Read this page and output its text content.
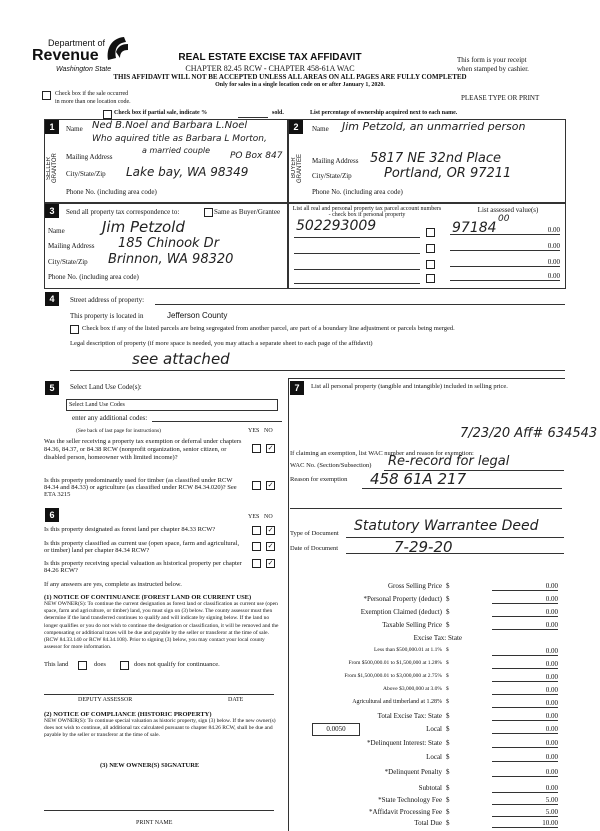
Department of
Revenue
Washington State
REAL ESTATE EXCISE TAX AFFIDAVIT
CHAPTER 82.45 RCW - CHAPTER 458-61A WAC
THIS AFFIDAVIT WILL NOT BE ACCEPTED UNLESS ALL AREAS ON ALL PAGES ARE FULLY COMPLETED
Only for sales in a single location code on or after January 1, 2020.
This form is your receipt
when stamped by cashier.
PLEASE TYPE OR PRINT
Check box if the sale occurred
in more than one location code.
Check box if partial sale, indicate %	sold.	List percentage of ownership acquired next to each name.
1
SELLER GRANTOR
Name Ned B.Noel and Barbara L.Noel
Who aquired title as Barbara L Morton,
a married couple
Mailing Address	PO Box 847
City/State/Zip Lake bay, WA 98349
Phone No. (including area code)
2
BUYER GRANTEE
Name Jim Petzold, an unmarried person
Mailing Address 5817 NE 32nd Place
City/State/Zip Portland, OR 97211
Phone No. (including area code)
3	Send all property tax correspondence to:	Same as Buyer/Grantee
Name Jim Petzold
Mailing Address 185 Chinook Dr
City/State/Zip Brinnon, WA 98320
Phone No. (including area code)
List all real and personal property tax parcel account numbers - check box if personal property
List assessed value(s)
502293009	97184
00
0.00
0.00
0.00
0.00
4	Street address of property:
This property is located in	Jefferson County
Check box if any of the listed parcels are being segregated from another parcel, are part of a boundary line adjustment or parcels being merged.
Legal description of property (if more space is needed, you may attach a separate sheet to each page of the affidavit)
see attached
5	Select Land Use Code(s):
Select Land Use Codes
enter any additional codes:
(See back of last page for instructions)	YES NO
Was the seller receiving a property tax exemption or deferral under chapters 84.36, 84.37, or 84.38 RCW (nonprofit organization, senior citizen, or disabled person, homeowner with limited income)?
✓
Is this property predominantly used for timber (as classified under RCW 84.34 and 84.33) or agriculture (as classified under RCW 84.34.020)? See ETA 3215
✓
6	YES NO
Is this property designated as forest land per chapter 84.33 RCW?	✓
Is this property classified as current use (open space, farm and agricultural, or timber) land per chapter 84.34 RCW?
✓
Is this property receiving special valuation as historical property per chapter 84.26 RCW?
✓
If any answers are yes, complete as instructed below.
(1) NOTICE OF CONTINUANCE (FOREST LAND OR CURRENT USE)
NEW OWNER(S): To continue the current designation as forest land or classification as current use (open space, farm and agriculture, or timber) land, you must sign on (3) below. The county assessor must then determine if the land transferred continues to qualify and will indicate by signing below. If the land no longer qualifies or you do not wish to continue the designation or classification, it will be removed and the compensating or additional taxes will be due and payable by the seller or transferor at the time of sale. (RCW 84.33.140 or RCW 84.34.108). Prior to signing (3) below, you may contact your local county assessor for more information.
This land	does	does not qualify for continuance.
DEPUTY ASSESSOR	DATE
(2) NOTICE OF COMPLIANCE (HISTORIC PROPERTY)
NEW OWNER(S): To continue special valuation as historic property, sign (3) below. If the new owner(s) does not wish to continue, all additional tax calculated pursuant to chapter 84.26 RCW, shall be due and payable by the seller or transferor at the time of sale.
(3) NEW OWNER(S) SIGNATURE
PRINT NAME
7	List all personal property (tangible and intangible) included in selling price.
7/23/20 Aff# 634543
If claiming an exemption, list WAC number and reason for exemption:
WAC No. (Section/Subsection) Re-record for legal
Reason for exemption 458 61A 217
Type of Document Statutory Warrantee Deed
Date of Document	7-29-20
Gross Selling Price $	0.00
*Personal Property (deduct) $	0.00
Exemption Claimed (deduct) $	0.00
Taxable Selling Price $	0.00
Excise Tax: State
Less than $500,000.01 at 1.1% $	0.00
From $500,000.01 to $1,500,000 at 1.28% $	0.00
From $1,500,000.01 to $3,000,000 at 2.75% $	0.00
Above $3,000,000 at 3.0% $	0.00
Agricultural and timberland at 1.28% $	0.00
Total Excise Tax: State $	0.00
0.0050	Local $	0.00
*Delinquent Interest: State $	0.00
Local $	0.00
*Delinquent Penalty $	0.00
Subtotal $	0.00
*State Technology Fee $	5.00
*Affidavit Processing Fee $	5.00
Total Due $	10.00
